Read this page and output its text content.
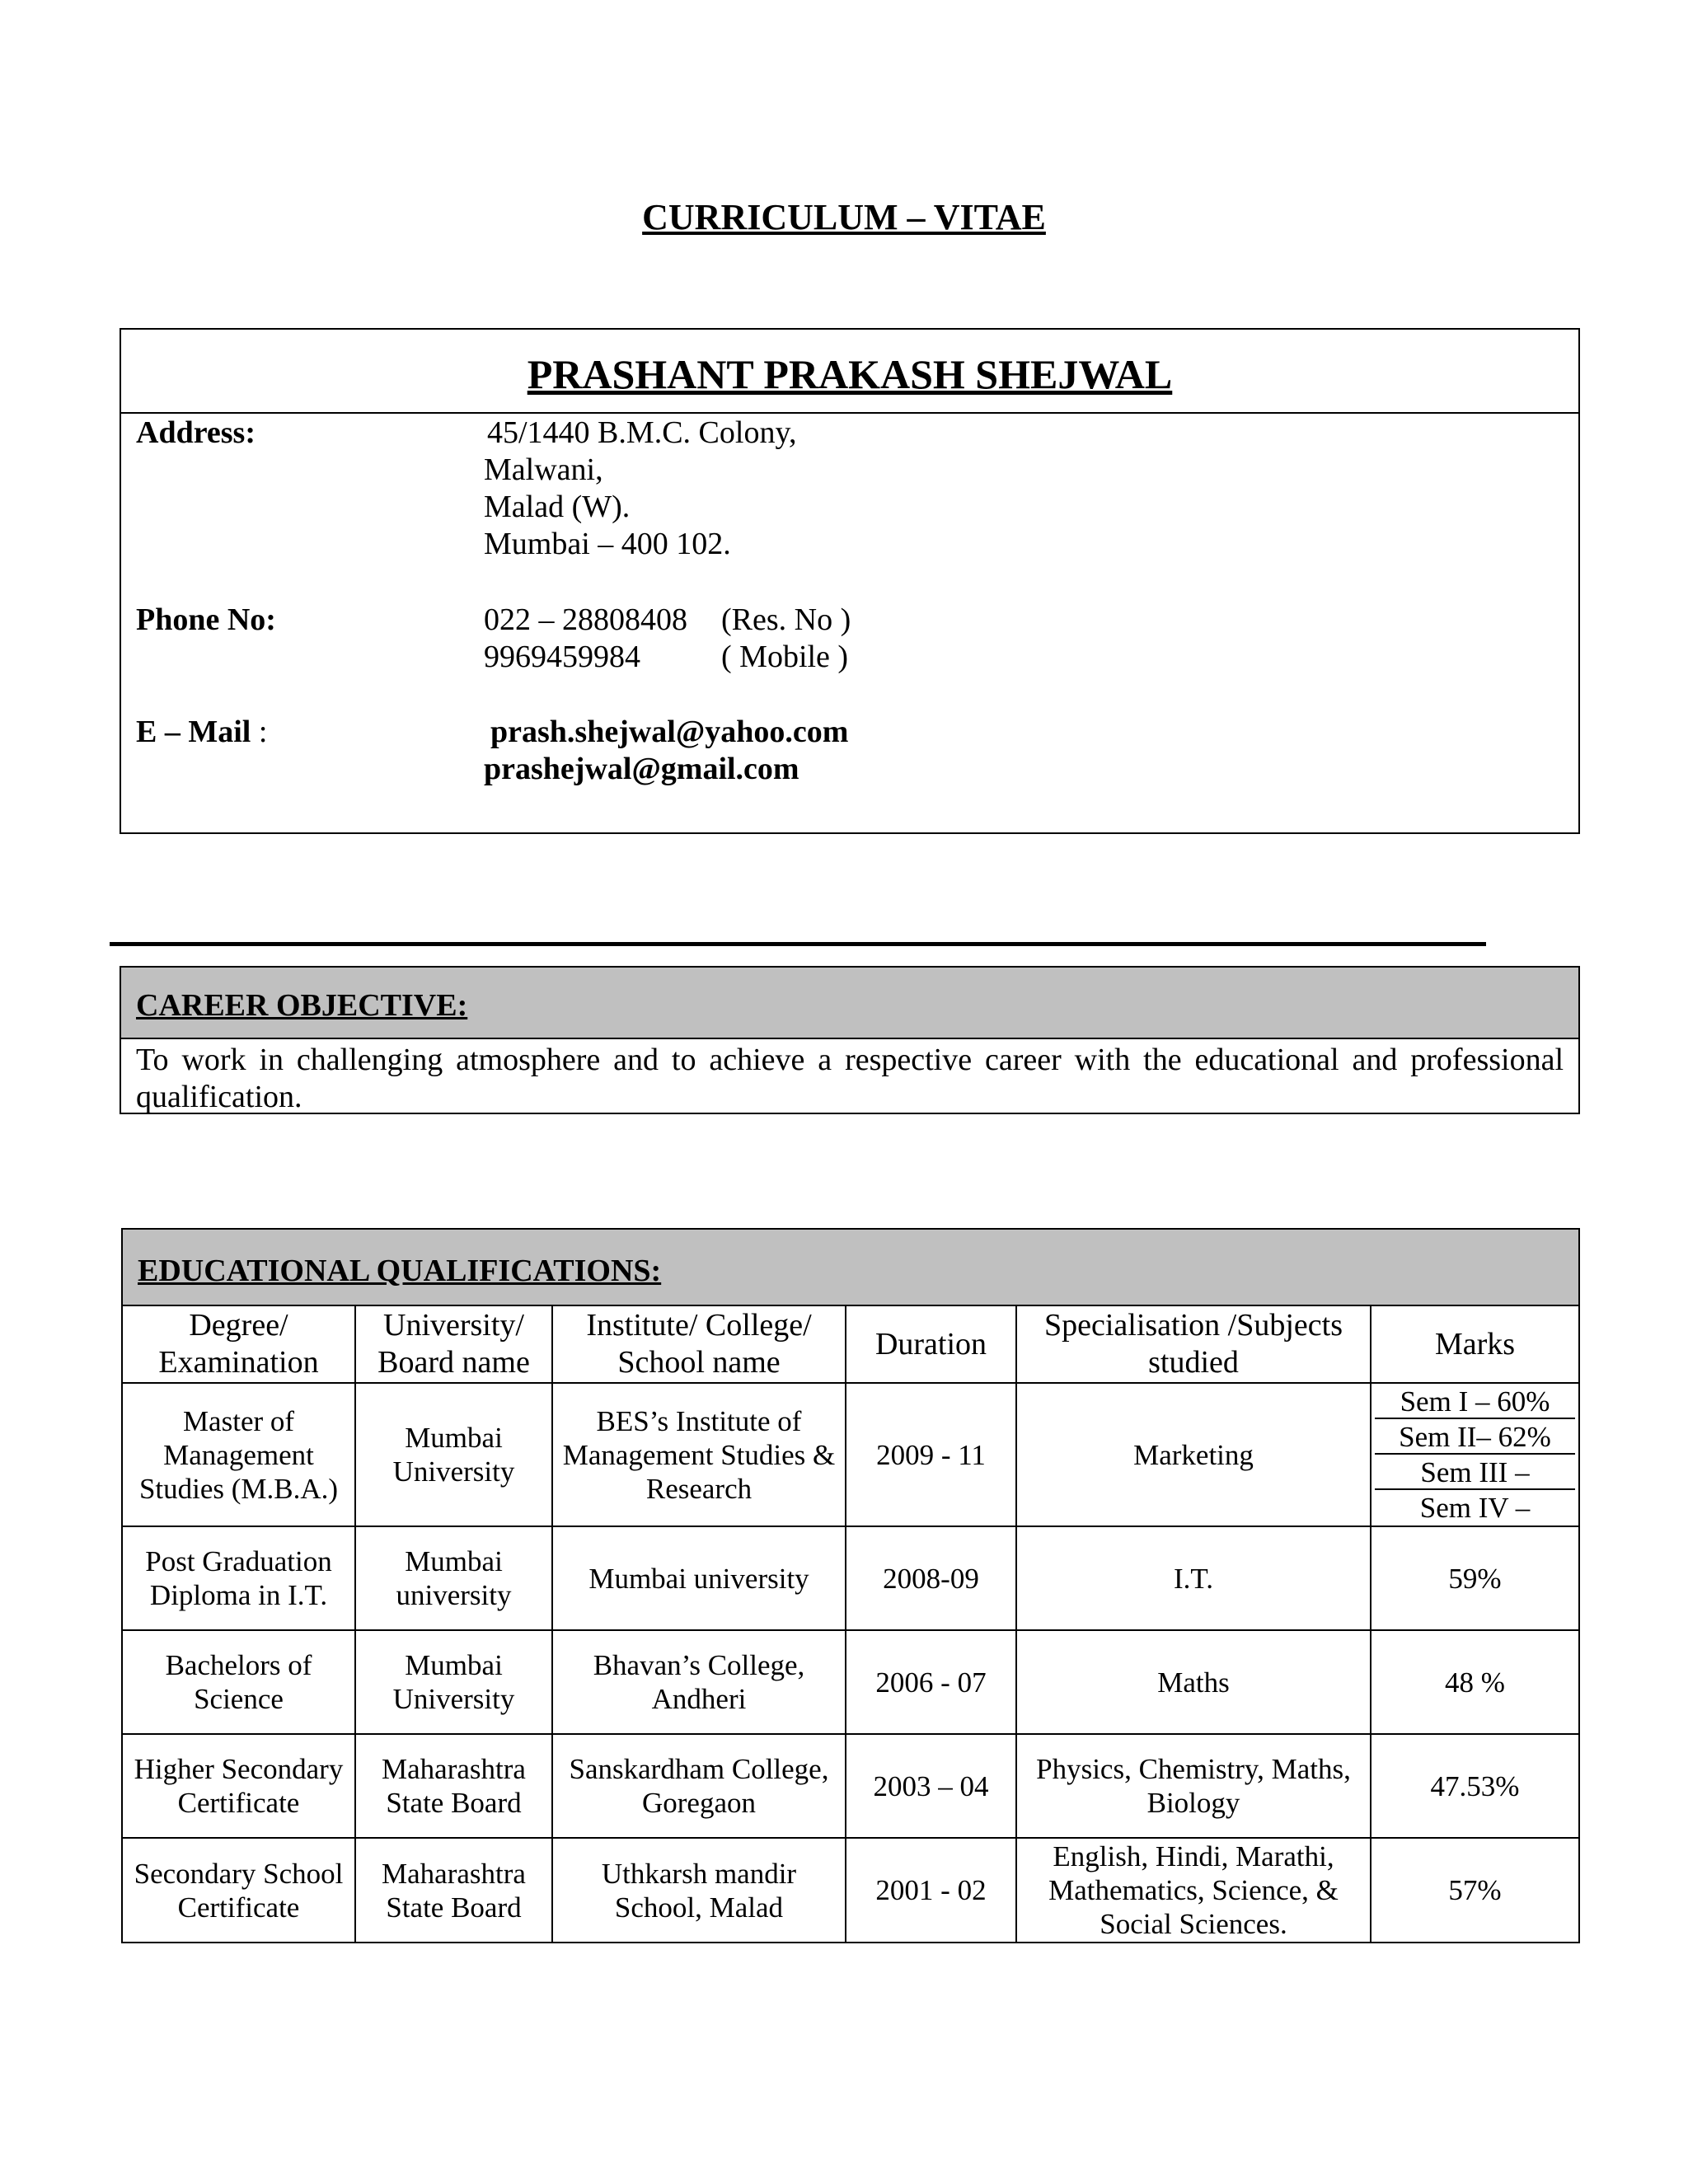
CURRICULUM – VITAE
PRASHANT PRAKASH SHEJWAL
Address:	45/1440 B.M.C. Colony,
Malwani,
Malad (W).
Mumbai – 400 102.
Phone No:	022 – 28808408 (Res. No )
9969459984	( Mobile )
E – Mail :	prash.shejwal@yahoo.com
prashejwal@gmail.com
CAREER OBJECTIVE:
To work in challenging atmosphere and to achieve a respective career with the educational and professional qualification.
EDUCATIONAL QUALIFICATIONS:
Degree/ Examination	University/ Board name	Institute/ College/ School name	Duration	Specialisation /Subjects studied	Marks
Master of Management Studies (M.B.A.)	Mumbai University	BES’s Institute of Management Studies & Research	2009 - 11	Marketing	Sem I – 60%
Sem II– 62%
Sem III –
Sem IV –

Post Graduation Diploma in I.T.	Mumbai university	Mumbai university	2008-09	I.T.	59%
Bachelors of Science	Mumbai University	Bhavan’s College, Andheri	2006 - 07	Maths	48 %
Higher Secondary Certificate	Maharashtra State Board	Sanskardham College, Goregaon	2003 – 04	Physics, Chemistry, Maths, Biology	47.53%
Secondary School Certificate	Maharashtra State Board	Uthkarsh mandir School, Malad	2001 - 02	English, Hindi, Marathi, Mathematics, Science, & Social Sciences.	57%
